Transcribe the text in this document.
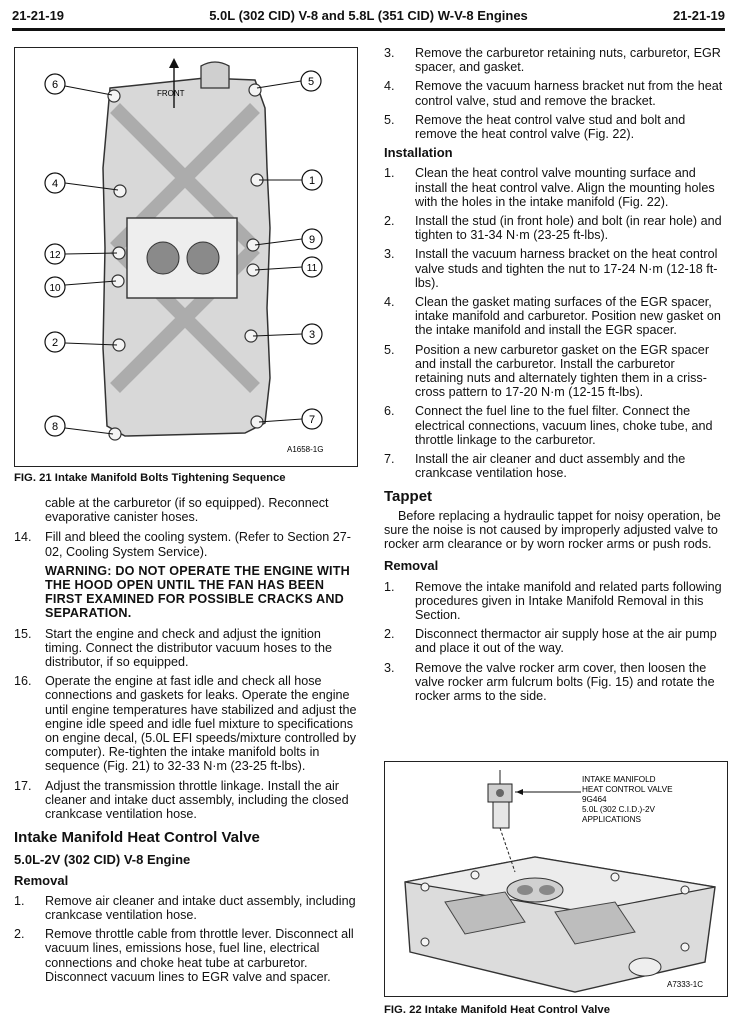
21-21-19	5.0L (302 CID) V-8 and 5.8L (351 CID) W-V-8 Engines	21-21-19
FRONT
6	5
4	1
12
9
10
11
2
3
8
7
A1658-1G
FIG. 21 Intake Manifold Bolts Tightening Sequence

cable at the carburetor (if so equipped). Reconnect evaporative canister hoses.

14. Fill and bleed the cooling system. (Refer to Section 27-02, Cooling System Service).

WARNING: DO NOT OPERATE THE ENGINE WITH THE HOOD OPEN UNTIL THE FAN HAS BEEN FIRST EXAMINED FOR POSSIBLE CRACKS AND SEPARATION.

15. Start the engine and check and adjust the ignition timing. Connect the distributor vacuum hoses to the distributor, if so equipped.
16. Operate the engine at fast idle and check all hose connections and gaskets for leaks. Operate the engine until engine temperatures have stabilized and adjust the engine idle speed and idle fuel mixture to specifications on engine decal, (5.0L EFI speeds/mixture controlled by computer). Re-tighten the intake manifold bolts in sequence (Fig. 21) to 32-33 N·m (23-25 ft-lbs).
17. Adjust the transmission throttle linkage. Install the air cleaner and intake duct assembly, including the closed crankcase ventilation hose.
Intake Manifold Heat Control Valve
5.0L-2V (302 CID) V-8 Engine
Removal
1. Remove air cleaner and intake duct assembly, including crankcase ventilation hose.
2. Remove throttle cable from throttle lever. Disconnect all vacuum lines, emissions hose, fuel line, electrical connections and choke heat tube at carburetor. Disconnect vacuum lines to EGR valve and spacer.
3. Remove the carburetor retaining nuts, carburetor, EGR spacer, and gasket.
4. Remove the vacuum harness bracket nut from the heat control valve, stud and remove the bracket.
5. Remove the heat control valve stud and bolt and remove the heat control valve (Fig. 22).
Installation
1. Clean the heat control valve mounting surface and install the heat control valve. Align the mounting holes with the holes in the intake manifold (Fig. 22).
2. Install the stud (in front hole) and bolt (in rear hole) and tighten to 31-34 N·m (23-25 ft-lbs).
3. Install the vacuum harness bracket on the heat control valve studs and tighten the nut to 17-24 N·m (12-18 ft-lbs).
4. Clean the gasket mating surfaces of the EGR spacer, intake manifold and carburetor. Position new gasket on the intake manifold and install the EGR spacer.
5. Position a new carburetor gasket on the EGR spacer and install the carburetor. Install the carburetor retaining nuts and alternately tighten them in a criss-cross pattern to 17-20 N·m (12-15 ft-lbs).
6. Connect the fuel line to the fuel filter. Connect the electrical connections, vacuum lines, choke tube, and throttle linkage to the carburetor.
7. Install the air cleaner and duct assembly and the crankcase ventilation hose.
Tappet

Before replacing a hydraulic tappet for noisy operation, be sure the noise is not caused by improperly adjusted valve to rocker arm clearance or by worn rocker arms or push rods.

Removal
1. Remove the intake manifold and related parts following procedures given in Intake Manifold Removal in this Section.
2. Disconnect thermactor air supply hose at the air pump and place it out of the way.
3. Remove the valve rocker arm cover, then loosen the valve rocker arm fulcrum bolts (Fig. 15) and rotate the rocker arms to the side.
INTAKE MANIFOLD
HEAT CONTROL VALVE
9G464
5.0L (302 C.I.D.)-2V
APPLICATIONS
A7333-1C
FIG. 22 Intake Manifold Heat Control Valve
